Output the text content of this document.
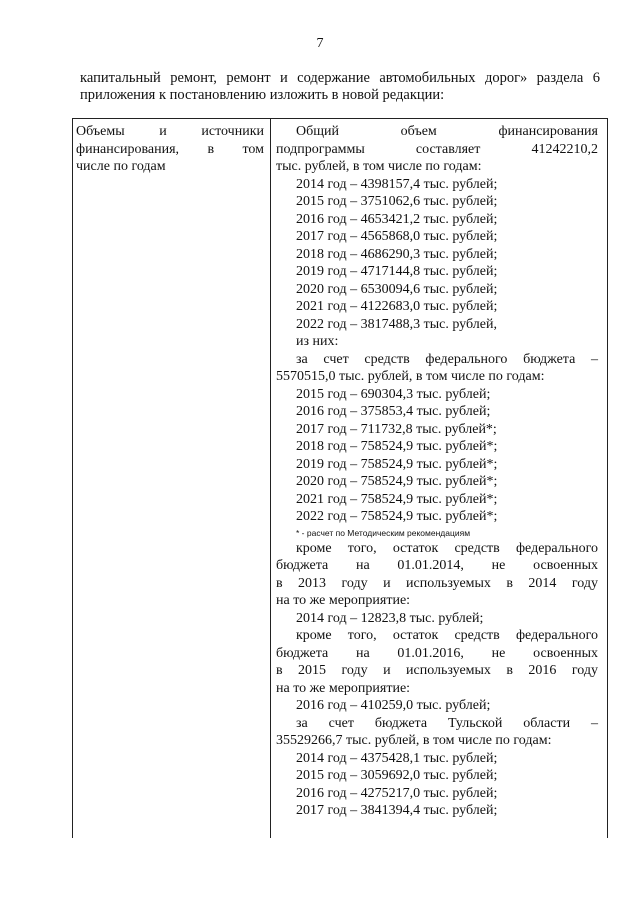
7

капитальный ремонт, ремонт и содержание автомобильных дорог» раздела 6

приложения к постановлению изложить в новой редакции:

Объемы и источники
финансирования, в том
числе по годам
Общий объем финансирования
подпрограммы составляет 41242210,2
тыс. рублей, в том числе по годам:
2014 год – 4398157,4 тыс. рублей;
2015 год – 3751062,6 тыс. рублей;
2016 год – 4653421,2 тыс. рублей;
2017 год – 4565868,0 тыс. рублей;
2018 год – 4686290,3 тыс. рублей;
2019 год – 4717144,8 тыс. рублей;
2020 год – 6530094,6 тыс. рублей;
2021 год – 4122683,0 тыс. рублей;
2022 год – 3817488,3 тыс. рублей,
из них:
за счет средств федерального бюджета –
5570515,0 тыс. рублей, в том числе по годам:
2015 год – 690304,3 тыс. рублей;
2016 год – 375853,4 тыс. рублей;
2017 год – 711732,8 тыс. рублей*;
2018 год – 758524,9 тыс. рублей*;
2019 год – 758524,9 тыс. рублей*;
2020 год – 758524,9 тыс. рублей*;
2021 год – 758524,9 тыс. рублей*;
2022 год – 758524,9 тыс. рублей*;
* - расчет по Методическим рекомендациям
кроме того, остаток средств федерального
бюджета на 01.01.2014, не освоенных
в 2013 году и используемых в 2014 году
на то же мероприятие:
2014 год – 12823,8 тыс. рублей;
кроме того, остаток средств федерального
бюджета на 01.01.2016, не освоенных
в 2015 году и используемых в 2016 году
на то же мероприятие:
2016 год – 410259,0 тыс. рублей;
за счет бюджета Тульской области –
35529266,7 тыс. рублей, в том числе по годам:
2014 год – 4375428,1 тыс. рублей;
2015 год – 3059692,0 тыс. рублей;
2016 год – 4275217,0 тыс. рублей;
2017 год – 3841394,4 тыс. рублей;
